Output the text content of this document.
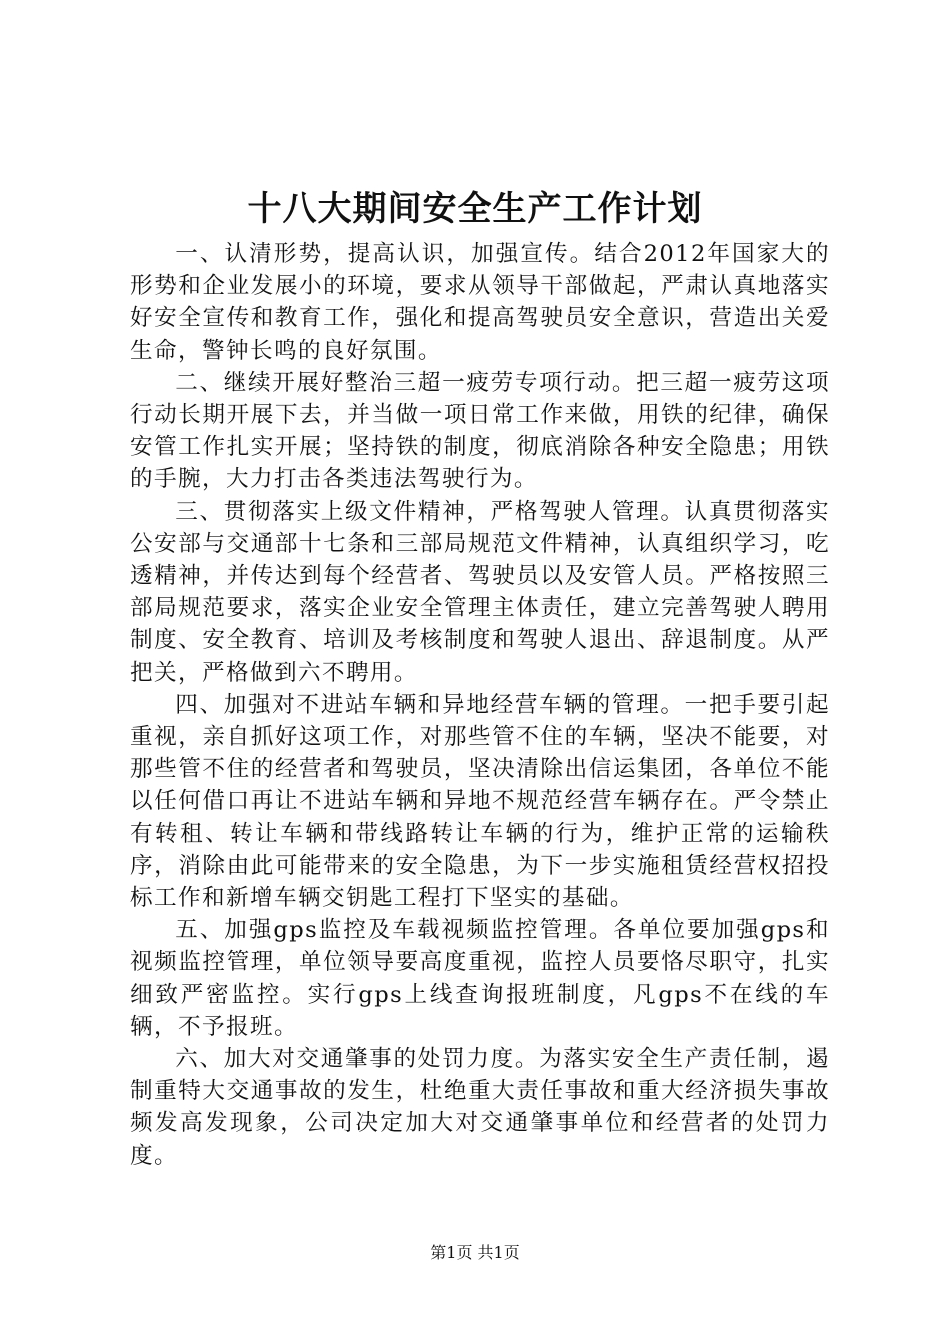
十八大期间安全生产工作计划

一、认清形势，提高认识，加强宣传。结合2012年国家大的形势和企业发展小的环境，要求从领导干部做起，严肃认真地落实好安全宣传和教育工作，强化和提高驾驶员安全意识，营造出关爱生命，警钟长鸣的良好氛围。

二、继续开展好整治三超一疲劳专项行动。把三超一疲劳这项行动长期开展下去，并当做一项日常工作来做，用铁的纪律，确保安管工作扎实开展；坚持铁的制度，彻底消除各种安全隐患；用铁的手腕，大力打击各类违法驾驶行为。

三、贯彻落实上级文件精神，严格驾驶人管理。认真贯彻落实公安部与交通部十七条和三部局规范文件精神，认真组织学习，吃透精神，并传达到每个经营者、驾驶员以及安管人员。严格按照三部局规范要求，落实企业安全管理主体责任，建立完善驾驶人聘用制度、安全教育、培训及考核制度和驾驶人退出、辞退制度。从严把关，严格做到六不聘用。

四、加强对不进站车辆和异地经营车辆的管理。一把手要引起重视，亲自抓好这项工作，对那些管不住的车辆，坚决不能要，对那些管不住的经营者和驾驶员，坚决清除出信运集团，各单位不能以任何借口再让不进站车辆和异地不规范经营车辆存在。严令禁止有转租、转让车辆和带线路转让车辆的行为，维护正常的运输秩序，消除由此可能带来的安全隐患，为下一步实施租赁经营权招投标工作和新增车辆交钥匙工程打下坚实的基础。

五、加强gps监控及车载视频监控管理。各单位要加强gps和视频监控管理，单位领导要高度重视，监控人员要恪尽职守，扎实细致严密监控。实行gps上线查询报班制度，凡gps不在线的车辆，不予报班。

六、加大对交通肇事的处罚力度。为落实安全生产责任制，遏制重特大交通事故的发生，杜绝重大责任事故和重大经济损失事故频发高发现象，公司决定加大对交通肇事单位和经营者的处罚力度。

第1页 共1页
